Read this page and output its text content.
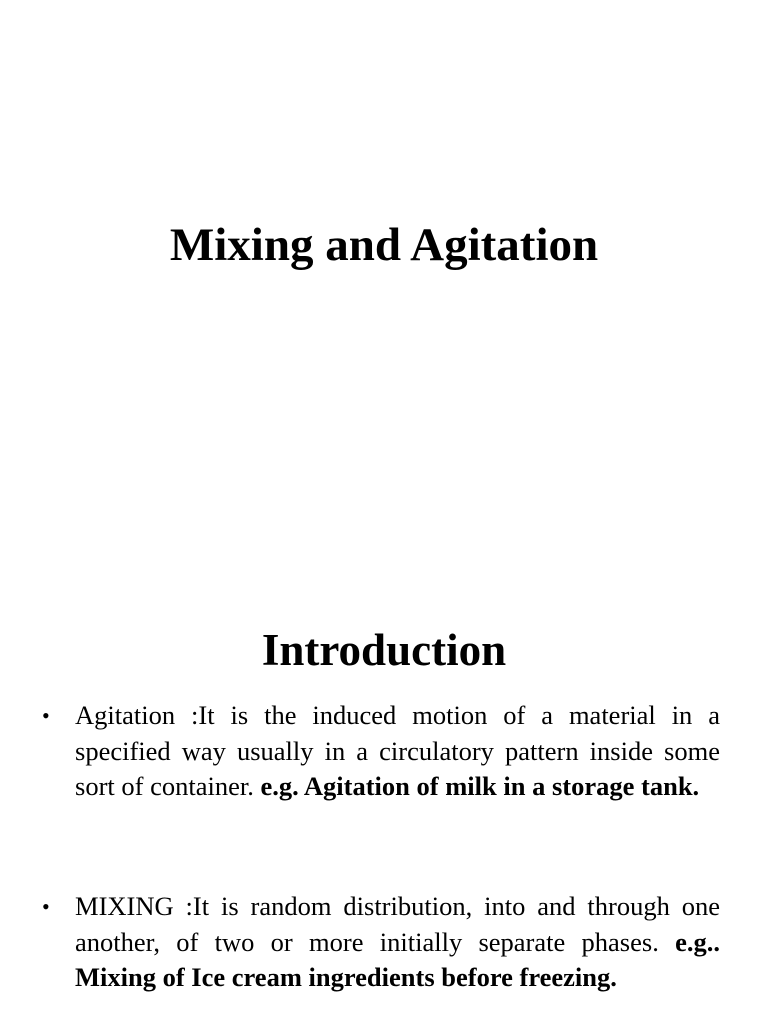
Mixing and Agitation
Introduction

• Agitation :It is the induced motion of a material in a specified way usually in a circulatory pattern inside some sort of container. e.g. Agitation of milk in a storage tank.

• MIXING :It is random distribution, into and through one another, of two or more initially separate phases. e.g.. Mixing of Ice cream ingredients before freezing.
